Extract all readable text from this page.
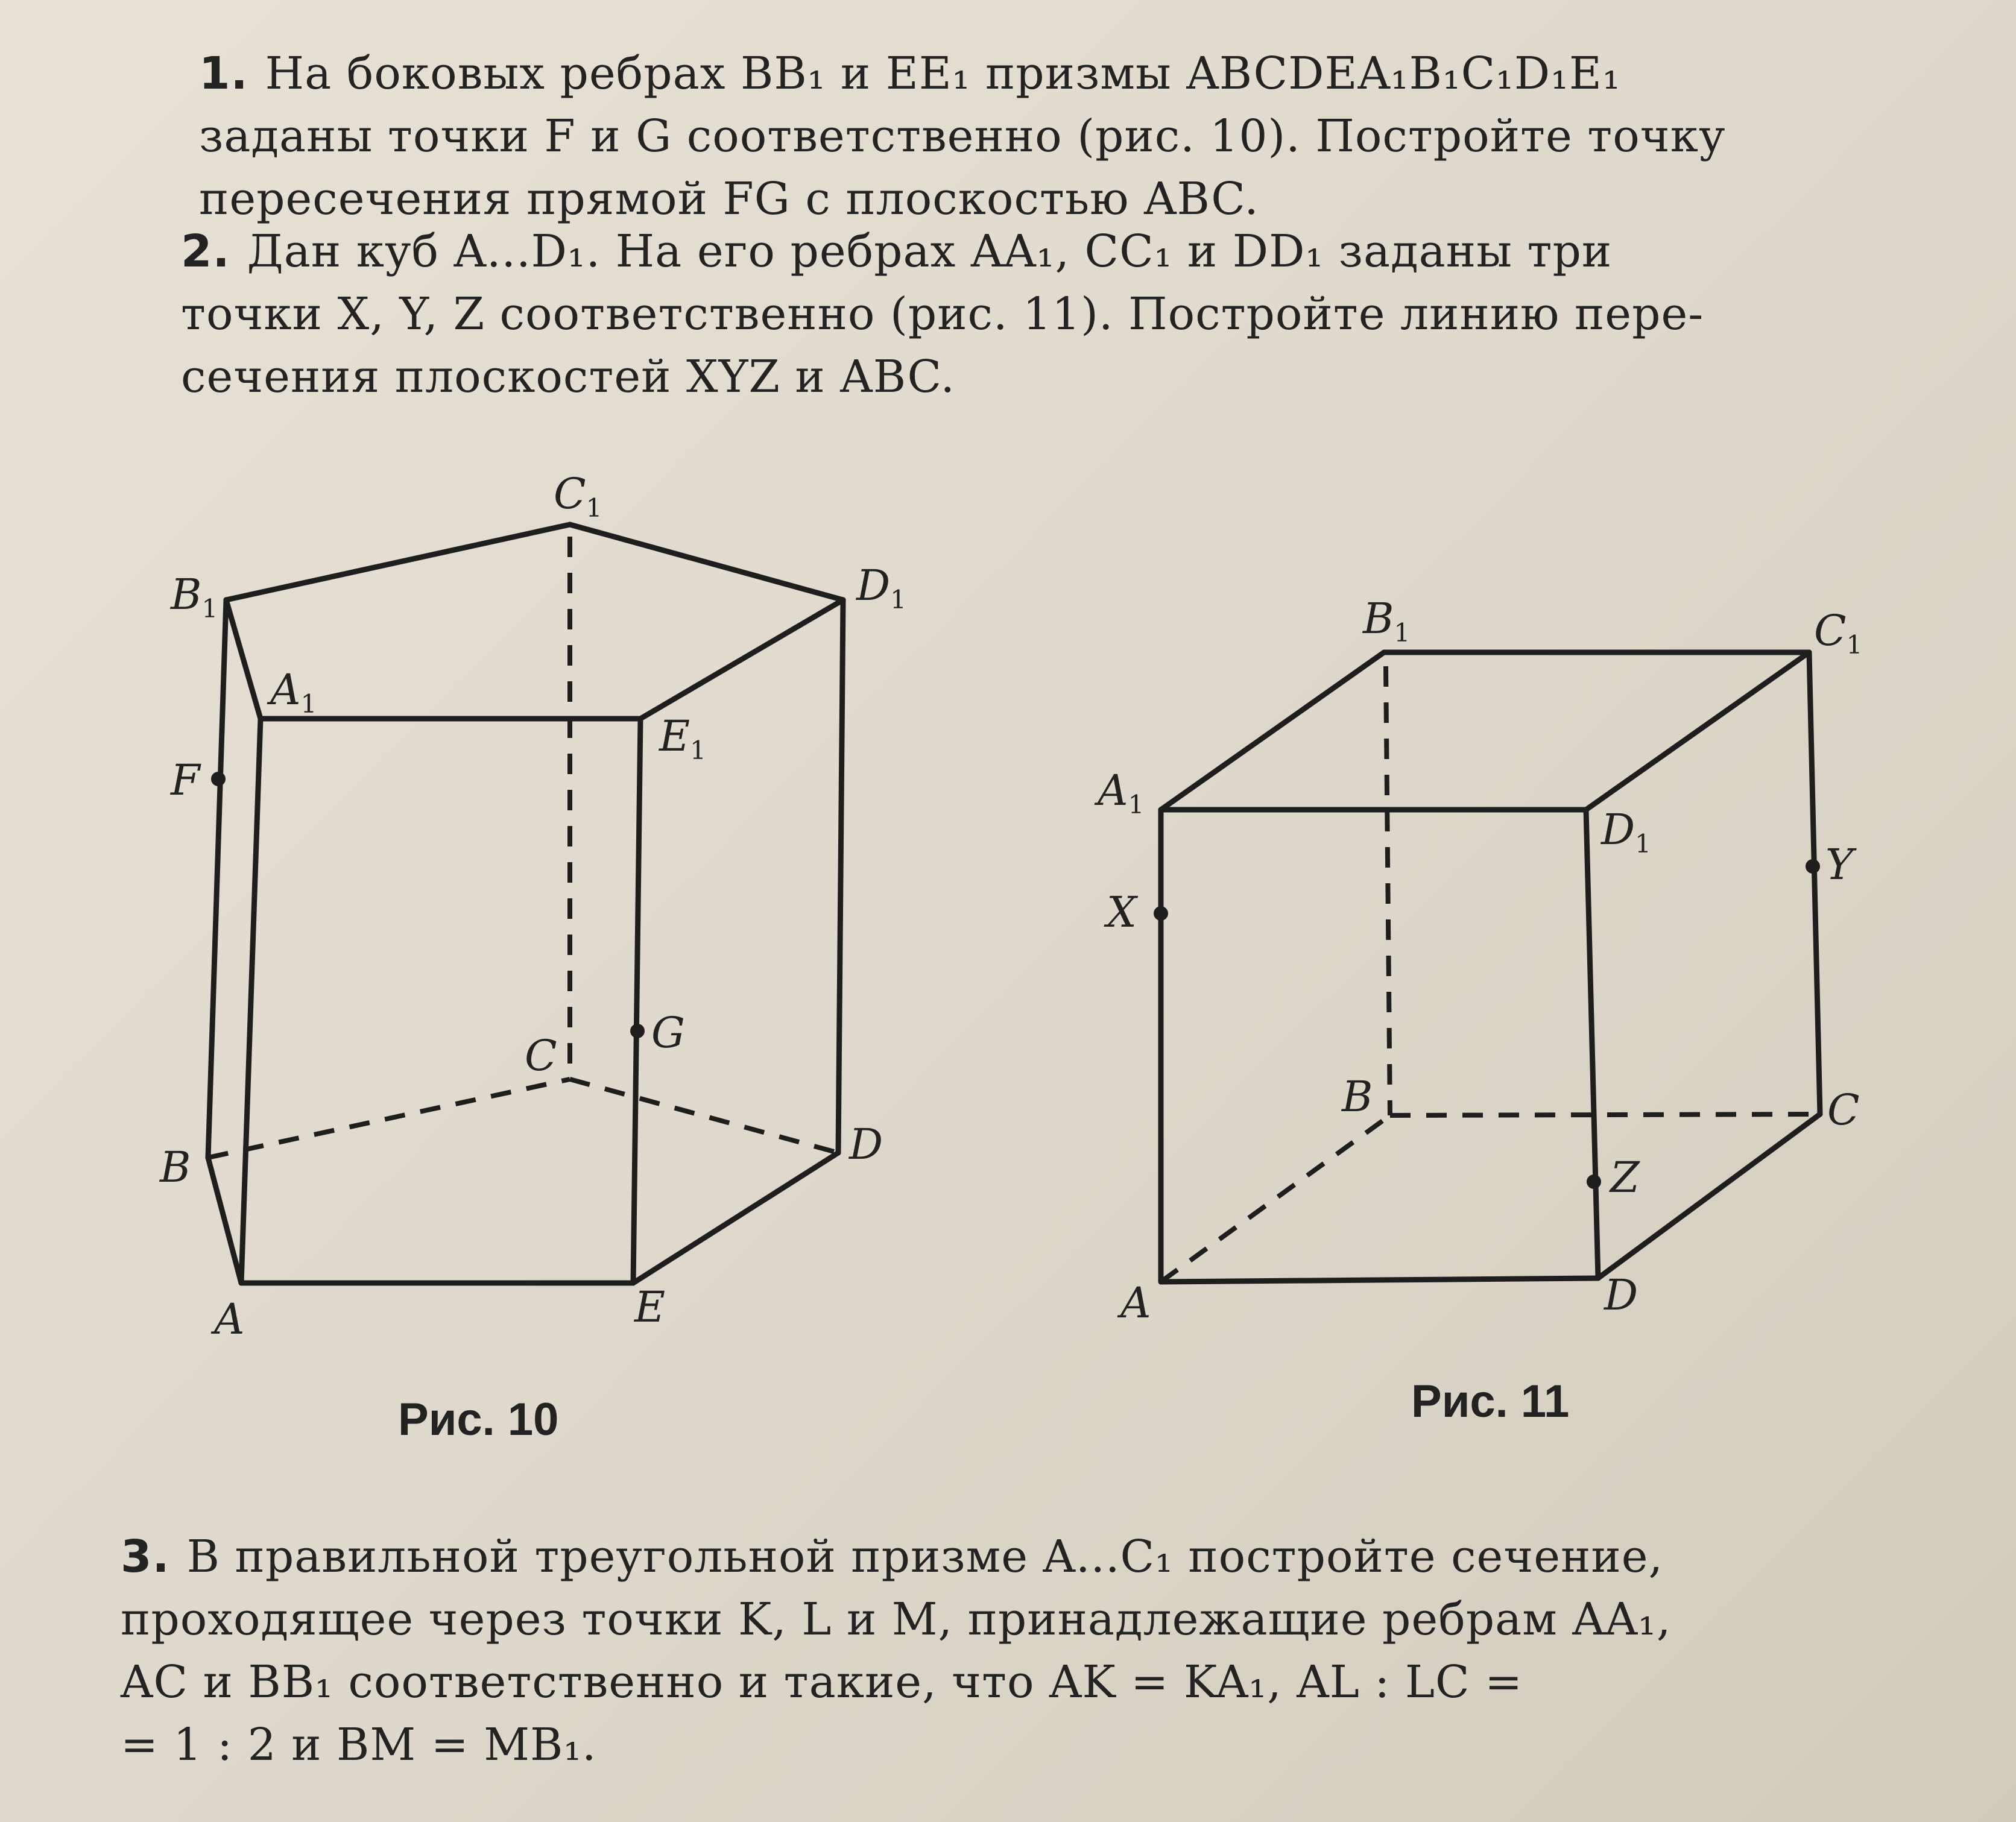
1. На боковых ребрах BB₁ и EE₁ призмы ABCDEA₁B₁C₁D₁E₁
заданы точки F и G соответственно (рис. 10). Постройте точку
пересечения прямой FG с плоскостью ABC.
2. Дан куб A...D₁. На его ребрах AA₁, CC₁ и DD₁ заданы три
точки X, Y, Z соответственно (рис. 11). Постройте линию пере-
сечения плоскостей XYZ и ABC.
$B_1$
$C_1$
$D_1$
$A_1$
$E_1$
F
G
C
B	D
A	E
Рис. 10
$B_1$	$C_1$
$A_1$
$D_1$
X
Y
B	C
Z
A	D
Рис. 11
3. В правильной треугольной призме A...C₁ постройте сечение,
проходящее через точки K, L и M, принадлежащие ребрам AA₁,
AC и BB₁ соответственно и такие, что AK = KA₁, AL : LC =
= 1 : 2 и BM = MB₁.
